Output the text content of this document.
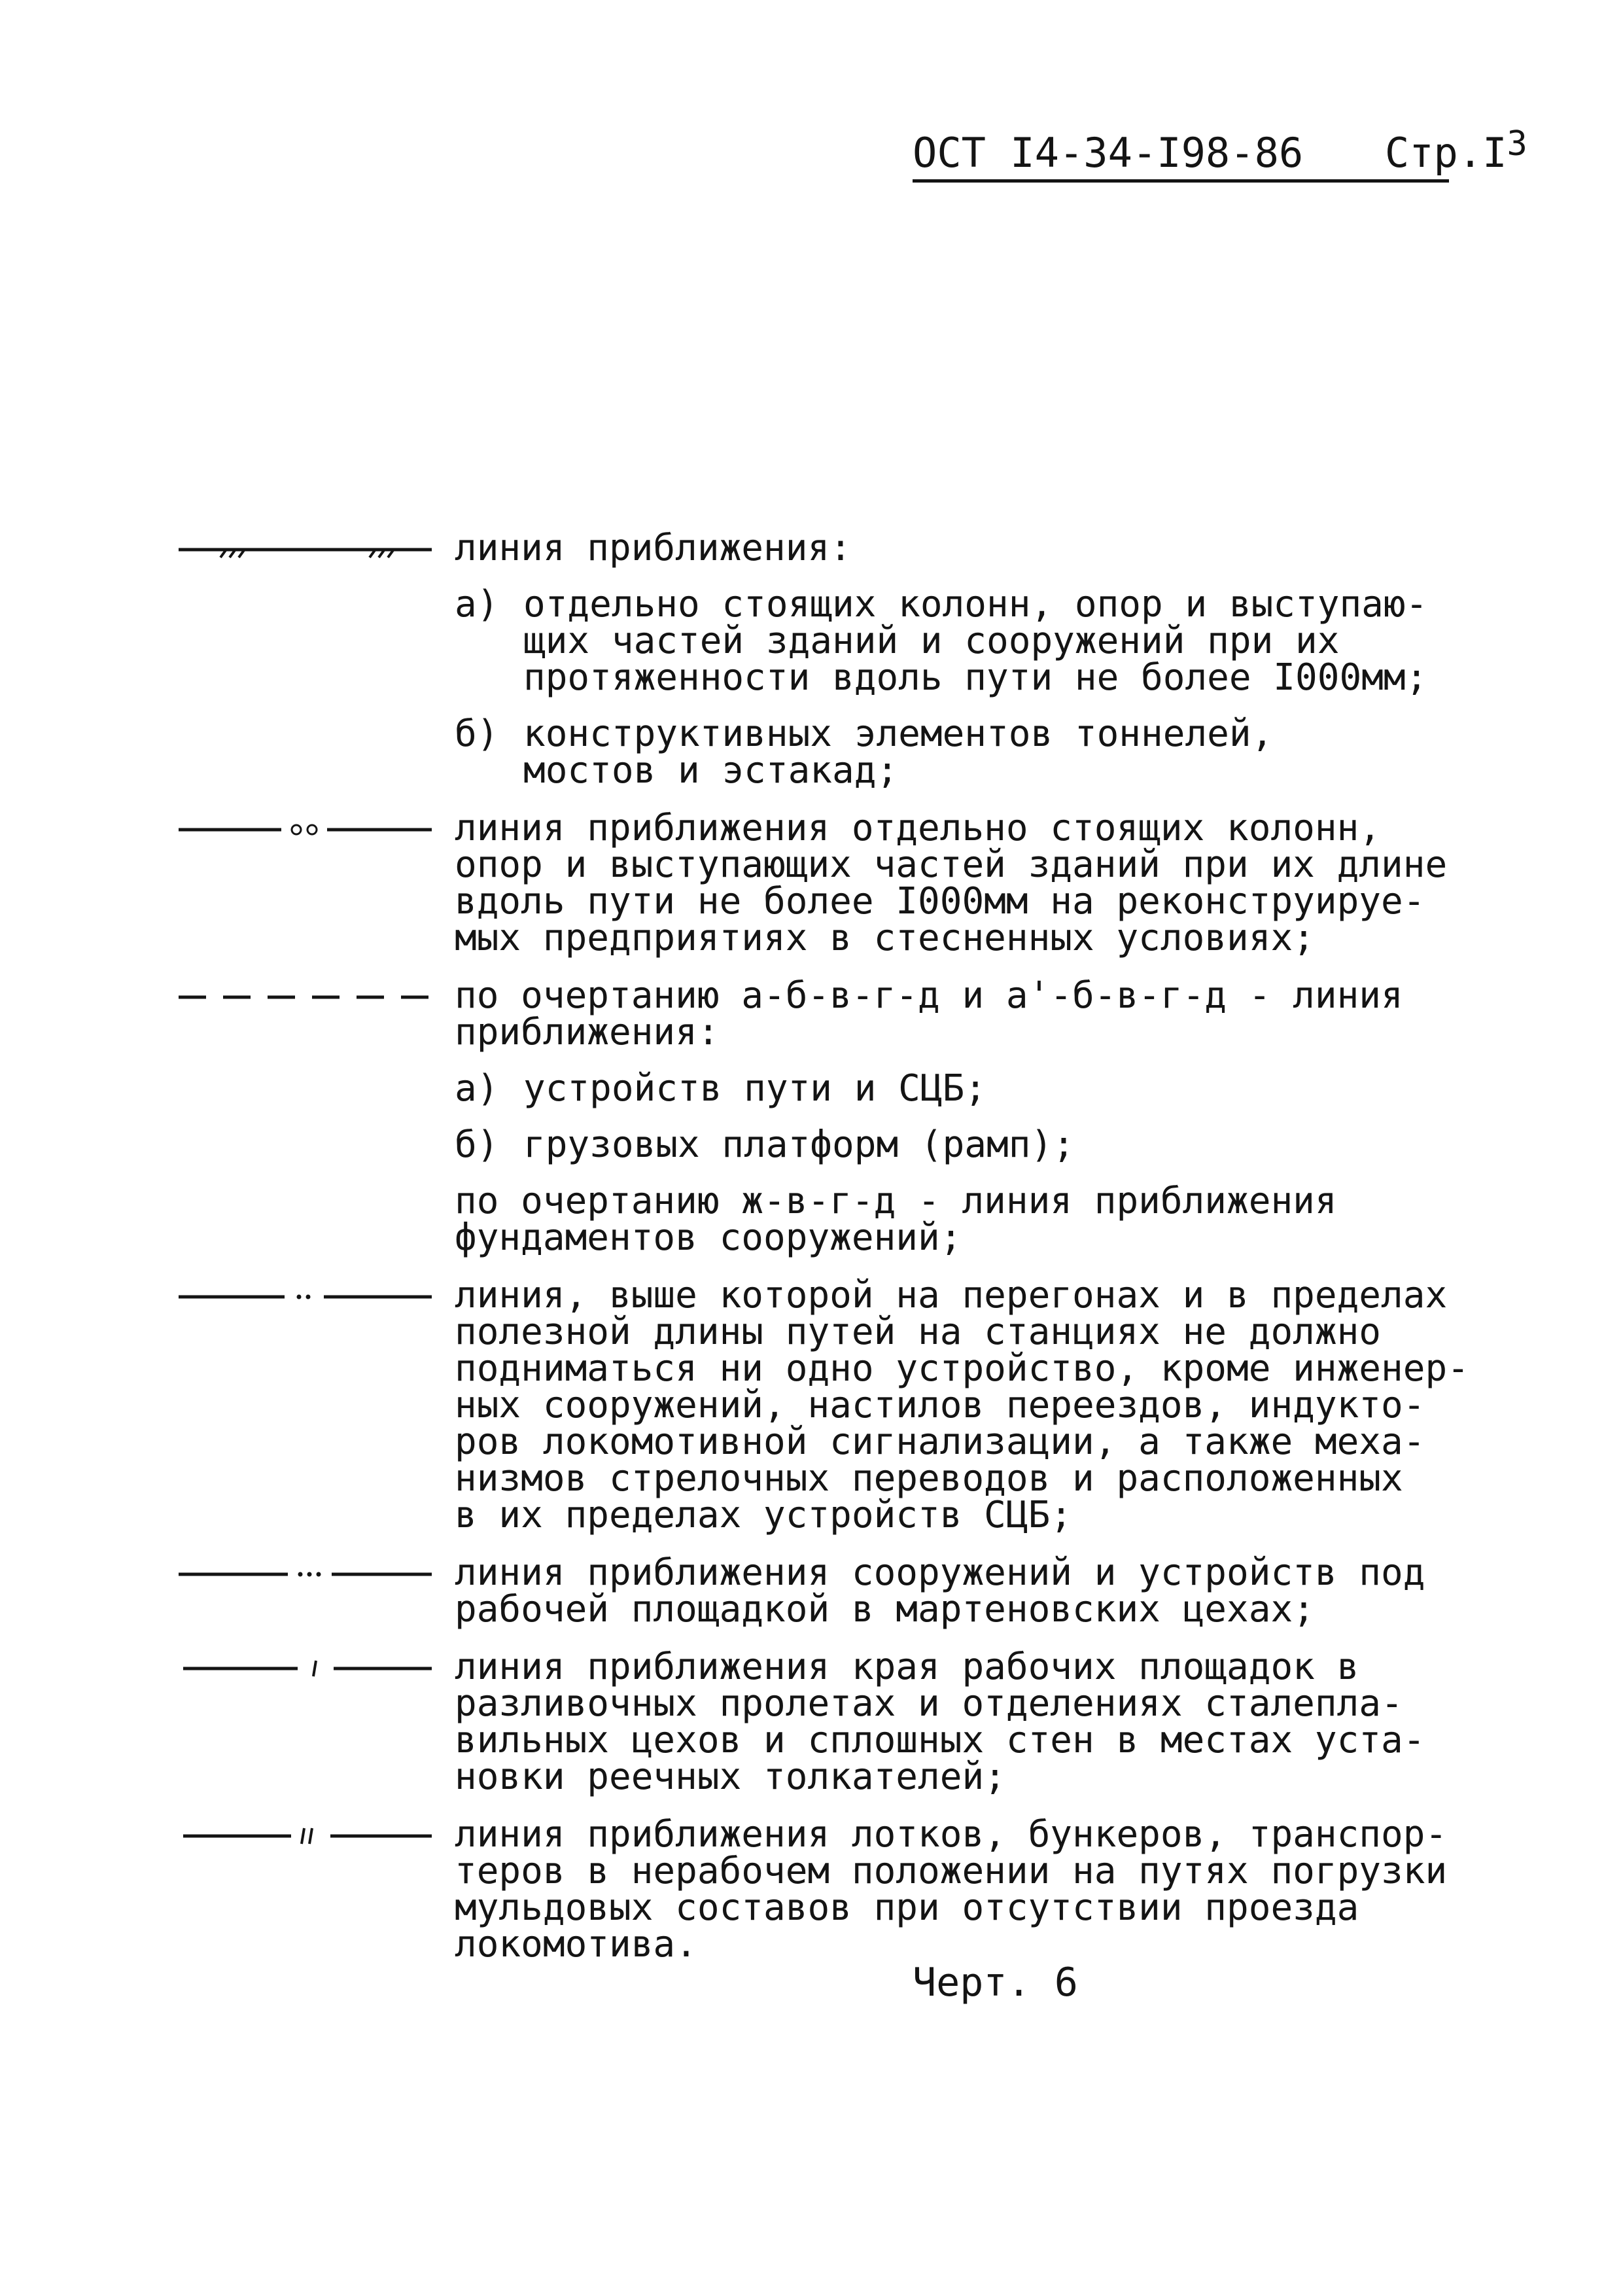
ОСТ I4-34-I98-86 $Стр.I^3$

линия приближения:

а) отдельно стоящих колонн, опор и выступаю-
щих частей зданий и сооружений при их
протяженности вдоль пути не более I000мм;
б) конструктивных элементов тоннелей,
мостов и эстакад;

линия приближения отдельно стоящих колонн,
опор и выступающих частей зданий при их длине
вдоль пути не более I000мм на реконструируе-
мых предприятиях в стесненных условиях;

по очертанию а-б-в-г-д и а'-б-в-г-д - линия
приближения:

а) устройств пути и СЦБ;
б) грузовых платформ (рамп);

по очертанию ж-в-г-д - линия приближения
фундаментов сооружений;

линия, выше которой на перегонах и в пределах
полезной длины путей на станциях не должно
подниматься ни одно устройство, кроме инженер-
ных сооружений, настилов переездов, индукто-
ров локомотивной сигнализации, а также меха-
низмов стрелочных переводов и расположенных
в их пределах устройств СЦБ;

линия приближения сооружений и устройств под
рабочей площадкой в мартеновских цехах;

линия приближения края рабочих площадок в
разливочных пролетах и отделениях сталепла-
вильных цехов и сплошных стен в местах уста-
новки реечных толкателей;

линия приближения лотков, бункеров, транспор-
теров в нерабочем положении на путях погрузки
мульдовых составов при отсутствии проезда
локомотива.

Черт. 6
